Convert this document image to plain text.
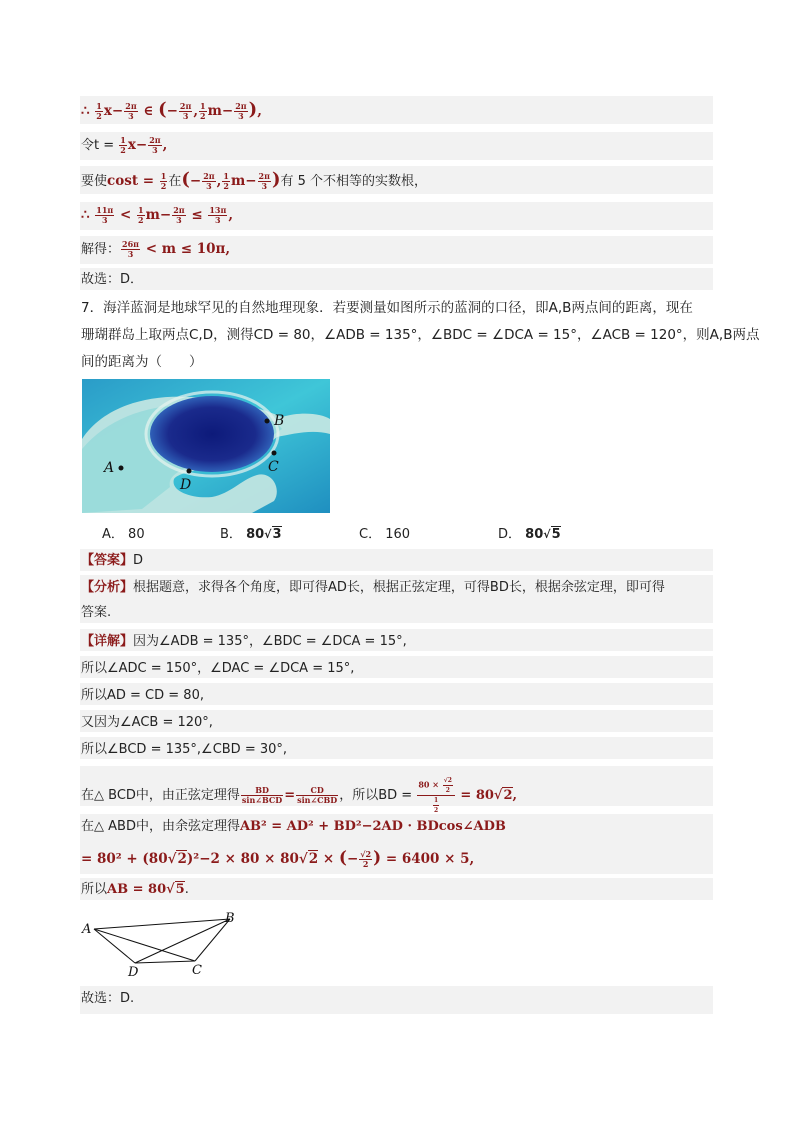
∴ $\frac{1}{2} x- \frac{2\pi}{3}$ ∈ (− $\frac{2\pi}{3}$ , $\frac{1}{2} m- \frac{2\pi}{3}$ ),
令$t = \frac{1}{2} x- \frac{2\pi}{3}$ ,
要使$\cos t = \frac{1}{2}$ 在(− $\frac{2\pi}{3}$ , $\frac{1}{2} m- \frac{2\pi}{3}$ )有 5 个不相等的实数根，
∴ $\frac{11\pi}{3} < \frac{1}{2} m- \frac{2\pi}{3} \le \frac{13\pi}{3}$ ,
解得： $\frac{26\pi}{3} < m \le 10\pi$,
故选：D．
7．海洋蓝洞是地球罕见的自然地理现象．若要测量如图所示的蓝洞的口径，即A,B两点间的距离，现在
珊瑚群岛上取两点C,D，测得CD = 80，∠ADB = 135°，∠BDC = ∠DCA = 15°，∠ACB = 120°，则A,B两点
间的距离为（　　）
B
A	C
D
A． 80	B． 80√3	C． 160	D． 80√5
【答案】D
【分析】根据题意，求得各个角度，即可得AD长，根据正弦定理，可得BD长，根据余弦定理，即可得
答案.
【详解】因为∠ADB = 135°，∠BDC = ∠DCA = 15°,
所以∠ADC = 150°，∠DAC = ∠DCA = 15°,
所以AD = CD = 80,
又因为∠ACB = 120°,
所以∠BCD = 135°,∠CBD = 30°,
在△ BCD中，由正弦定理得 $\frac{BD}{\text{sin∠BCD}} = \frac{CD}{\text{sin∠CBD}}$ ，所以BD = $\frac{80 \times \frac{√2}{2}}{\frac{1}{2}} = 80√2$,
在△ ABD中，由余弦定理得AB² = AD² + BD²−2AD · BDcos∠ADB
= 80² + (80√2)²−2 × 80 × 80√2 × (− $\frac{√2}{2}$ ) = 6400 × 5,
所以AB = 80√5.
A
B
C
D
故选：D.
